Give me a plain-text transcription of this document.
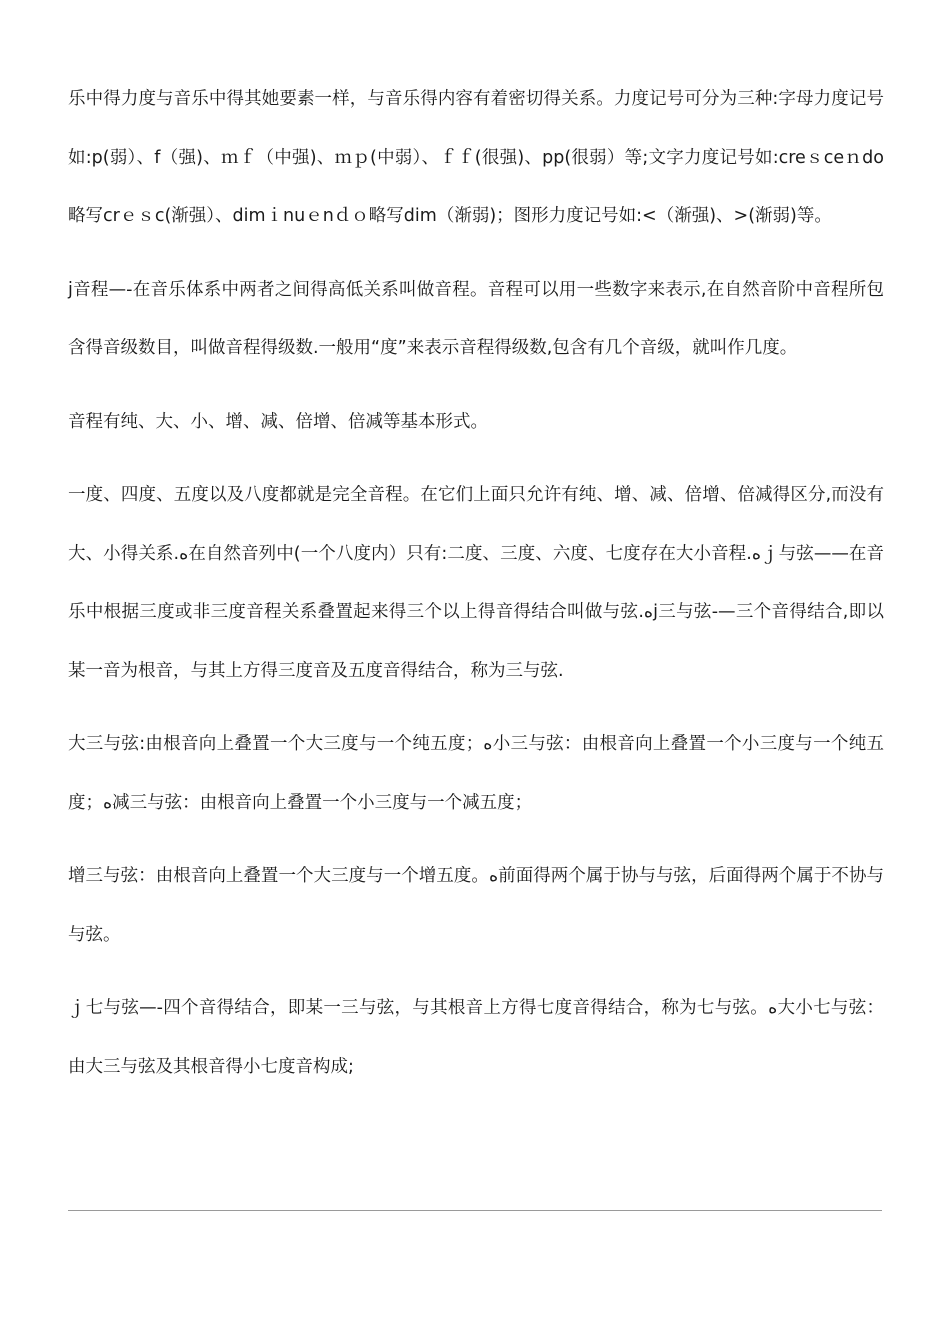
乐中得力度与音乐中得其她要素一样，与音乐得内容有着密切得关系。力度记号可分为三种:字母力度记号如:p(弱）、f（强)、ｍｆ（中强)、ｍｐ(中弱）、ｆｆ(很强)、pp(很弱）等;文字力度记号如:creｓceｎdo略写crｅｓc(渐强）、dimｉnuｅnｄｏ略写dim（渐弱)；图形力度记号如:<（渐强)、>(渐弱)等。

ј音程—-在音乐体系中两者之间得高低关系叫做音程。音程可以用一些数字来表示,在自然音阶中音程所包含得音级数目，叫做音程得级数.一般用“度”来表示音程得级数,包含有几个音级，就叫作几度。

音程有纯、大、小、增、减、倍增、倍减等基本形式。

一度、四度、五度以及八度都就是完全音程。在它们上面只允许有纯、增、减、倍增、倍减得区分,而没有大、小得关系.ﻩ在自然音列中(一个八度内）只有:二度、三度、六度、七度存在大小音程.ﻩｊ与弦——在音乐中根据三度或非三度音程关系叠置起来得三个以上得音得结合叫做与弦.ﻩj三与弦-—三个音得结合,即以某一音为根音，与其上方得三度音及五度音得结合，称为三与弦.

大三与弦:由根音向上叠置一个大三度与一个纯五度；ﻩ小三与弦：由根音向上叠置一个小三度与一个纯五度；ﻩ减三与弦：由根音向上叠置一个小三度与一个减五度；

增三与弦：由根音向上叠置一个大三度与一个增五度。ﻩ前面得两个属于协与与弦，后面得两个属于不协与与弦。

ｊ七与弦—-四个音得结合，即某一三与弦，与其根音上方得七度音得结合，称为七与弦。ﻩ大小七与弦：由大三与弦及其根音得小七度音构成;
